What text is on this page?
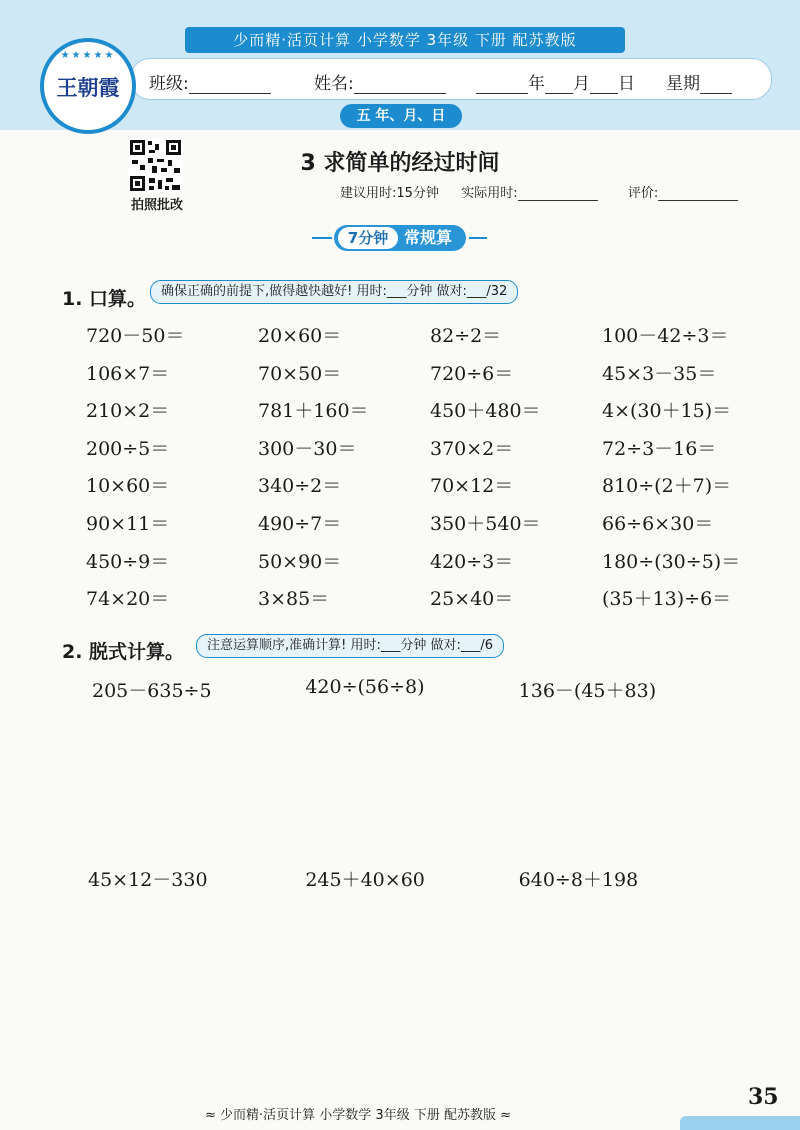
少而精·活页计算 小学数学 3年级 下册 配苏教版
班级:	姓名:	年 月 日 星期
★★★★★
王朝霞
五 年、月、日
拍照批改
3 求简单的经过时间
建议用时:15分钟 实际用时:	评价:
7分钟 常规算
1. 口算。	确保正确的前提下,做得越快越好! 用时:___分钟 做对:___/32
720－50＝	20×60＝	82÷2＝	100－42÷3＝
106×7＝	70×50＝	720÷6＝	45×3－35＝
210×2＝	781＋160＝	450＋480＝	4×(30＋15)＝
200÷5＝	300－30＝	370×2＝	72÷3－16＝
10×60＝	340÷2＝	70×12＝	810÷(2＋7)＝
90×11＝	490÷7＝	350＋540＝	66÷6×30＝
450÷9＝	50×90＝	420÷3＝	180÷(30÷5)＝
74×20＝	3×85＝	25×40＝	(35＋13)÷6＝
2. 脱式计算。	注意运算顺序,准确计算! 用时:___分钟 做对:___/6
205－635÷5	420÷(56÷8)	136－(45＋83)
45×12－330	245＋40×60	640÷8＋198
≈ 少而精·活页计算 小学数学 3年级 下册 配苏教版 ≈
35
